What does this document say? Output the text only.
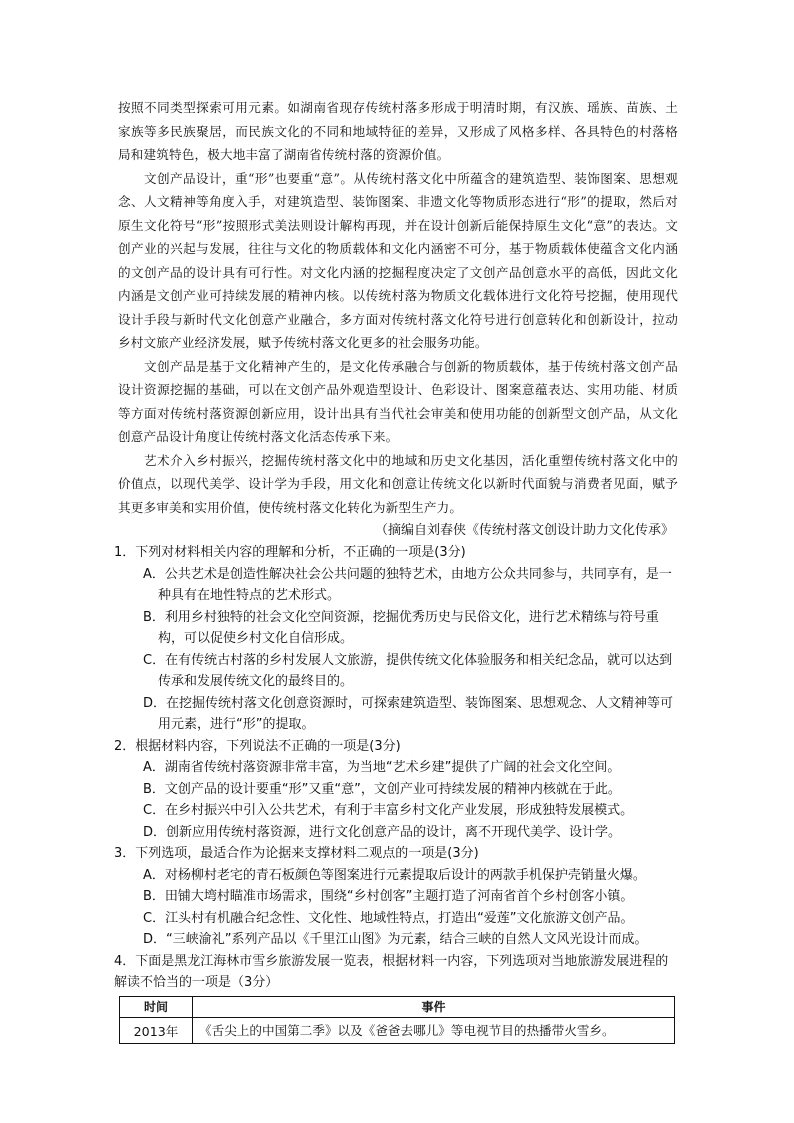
按照不同类型探索可用元素。如湖南省现存传统村落多形成于明清时期，有汉族、瑶族、苗族、土家族等多民族聚居，而民族文化的不同和地域特征的差异，又形成了风格多样、各具特色的村落格局和建筑特色，极大地丰富了湖南省传统村落的资源价值。

文创产品设计，重“形”也要重“意”。从传统村落文化中所蕴含的建筑造型、装饰图案、思想观念、人文精神等角度入手，对建筑造型、装饰图案、非遗文化等物质形态进行“形”的提取，然后对原生文化符号“形”按照形式美法则设计解构再现，并在设计创新后能保持原生文化“意”的表达。文创产业的兴起与发展，往往与文化的物质载体和文化内涵密不可分，基于物质载体使蕴含文化内涵的文创产品的设计具有可行性。对文化内涵的挖掘程度决定了文创产品创意水平的高低，因此文化内涵是文创产业可持续发展的精神内核。以传统村落为物质文化载体进行文化符号挖掘，使用现代设计手段与新时代文化创意产业融合，多方面对传统村落文化符号进行创意转化和创新设计，拉动乡村文旅产业经济发展，赋予传统村落文化更多的社会服务功能。

文创产品是基于文化精神产生的，是文化传承融合与创新的物质载体，基于传统村落文创产品设计资源挖掘的基础，可以在文创产品外观造型设计、色彩设计、图案意蕴表达、实用功能、材质等方面对传统村落资源创新应用，设计出具有当代社会审美和使用功能的创新型文创产品，从文化创意产品设计角度让传统村落文化活态传承下来。

艺术介入乡村振兴，挖掘传统村落文化中的地域和历史文化基因，活化重塑传统村落文化中的价值点，以现代美学、设计学为手段，用文化和创意让传统文化以新时代面貌与消费者见面，赋予其更多审美和实用价值，使传统村落文化转化为新型生产力。

（摘编自刘春侠《传统村落文创设计助力文化传承》

1．下列对材料相关内容的理解和分析，不正确的一项是(3分)

A．公共艺术是创造性解决社会公共问题的独特艺术，由地方公众共同参与，共同享有，是一种具有在地性特点的艺术形式。
B．利用乡村独特的社会文化空间资源，挖掘优秀历史与民俗文化，进行艺术精练与符号重构，可以促使乡村文化自信形成。
C．在有传统古村落的乡村发展人文旅游，提供传统文化体验服务和相关纪念品，就可以达到传承和发展传统文化的最终目的。
D．在挖掘传统村落文化创意资源时，可探索建筑造型、装饰图案、思想观念、人文精神等可用元素，进行“形”的提取。

2．根据材料内容，下列说法不正确的一项是(3分)

A．湖南省传统村落资源非常丰富，为当地“艺术乡建”提供了广阔的社会文化空间。
B．文创产品的设计要重“形”又重“意”，文创产业可持续发展的精神内核就在于此。
C．在乡村振兴中引入公共艺术，有利于丰富乡村文化产业发展，形成独特发展模式。
D．创新应用传统村落资源，进行文化创意产品的设计，离不开现代美学、设计学。

3．下列选项，最适合作为论据来支撑材料二观点的一项是(3分)

A．对杨柳村老宅的青石板颜色等图案进行元素提取后设计的两款手机保护壳销量火爆。
B．田铺大塆村瞄准市场需求，围绕“乡村创客”主题打造了河南省首个乡村创客小镇。
C．江头村有机融合纪念性、文化性、地域性特点，打造出“爱莲”文化旅游文创产品。
D．“三峡渝礼”系列产品以《千里江山图》为元素，结合三峡的自然人文风光设计而成。

4．下面是黑龙江海林市雪乡旅游发展一览表，根据材料一内容，下列选项对当地旅游发展进程的解读不恰当的一项是（3分）

时间	事件
2013年	《舌尖上的中国第二季》以及《爸爸去哪儿》等电视节目的热播带火雪乡。
